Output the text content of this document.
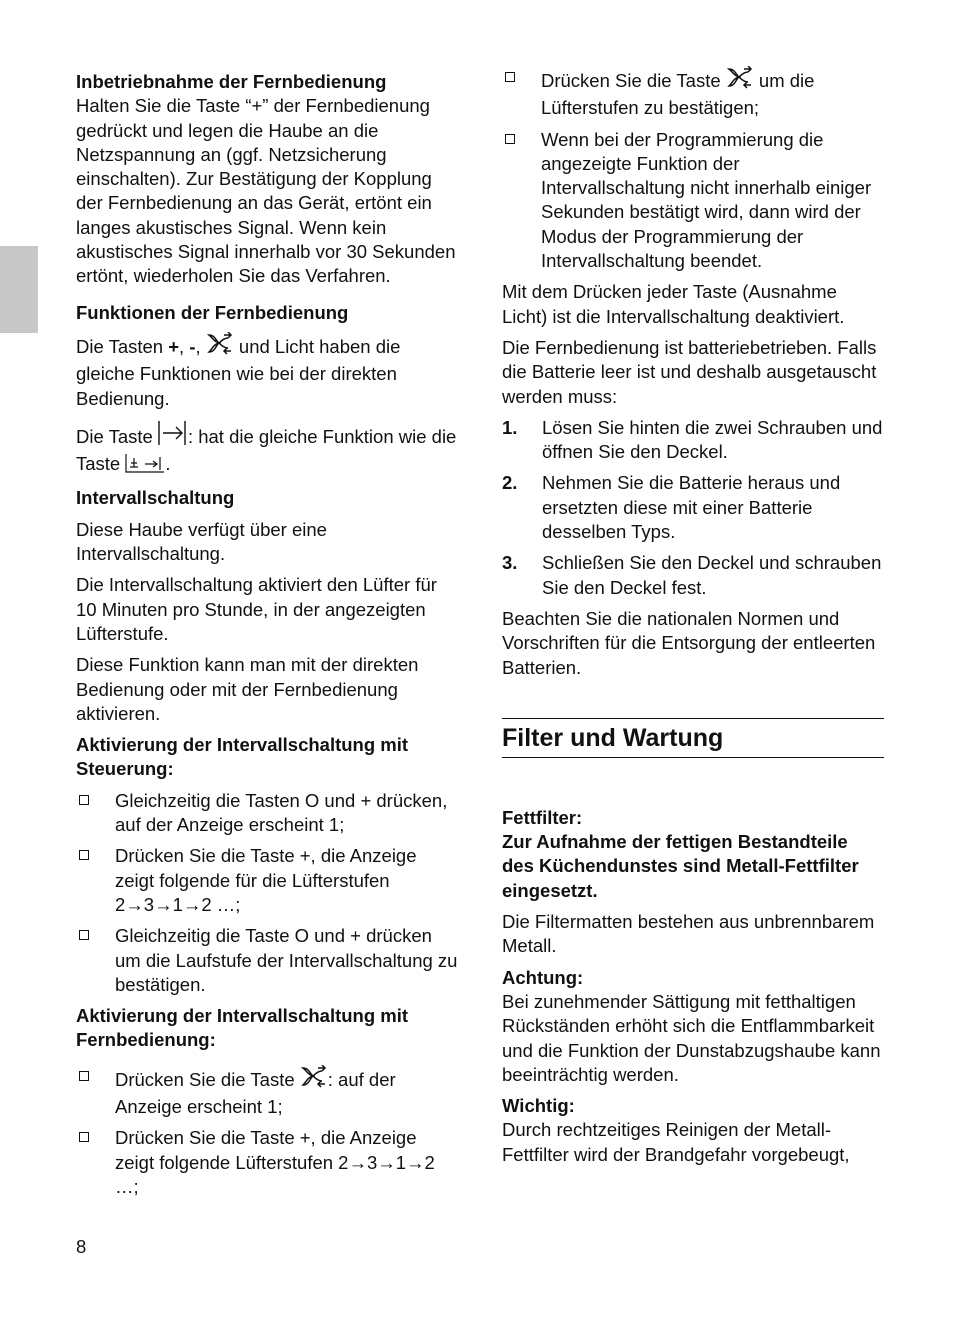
Inbetriebnahme der Fernbedienung

Halten Sie die Taste “+” der Fernbedienung gedrückt und legen die Haube an die Netzspannung an (ggf. Netzsicherung einschalten). Zur Bestätigung der Kopplung der Fernbedienung an das Gerät, ertönt ein langes akustisches Signal. Wenn kein akustisches Signal innerhalb vor 30 Sekunden ertönt, wiederholen Sie das Verfahren.

Funktionen der Fernbedienung

Die Tasten +, -,  und Licht haben die gleiche Funktionen wie bei der direkten Bedienung.

Die Taste : hat die gleiche Funktion wie die Taste .

Intervallschaltung

Diese Haube verfügt über eine Intervallschaltung.

Die Intervallschaltung aktiviert den Lüfter für 10 Minuten pro Stunde, in der angezeigten Lüfterstufe.

Diese Funktion kann man mit der direkten Bedienung oder mit der Fernbedienung aktivieren.

Aktivierung der Intervallschaltung mit Steuerung:

Gleichzeitig die Tasten O und + drücken, auf der Anzeige erscheint 1;
Drücken Sie die Taste +, die Anzeige zeigt folgende für die Lüfterstufen 2→3→1→2 …;
Gleichzeitig die Taste O und + drücken um die Laufstufe der Intervallschaltung zu bestätigen.

Aktivierung der Intervallschaltung mit Fernbedienung:

Drücken Sie die Taste : auf der Anzeige erscheint 1;
Drücken Sie die Taste +, die Anzeige zeigt folgende Lüfterstufen 2→3→1→2 …;
Drücken Sie die Taste  um die Lüfterstufen zu bestätigen;
Wenn bei der Programmierung die angezeigte Funktion der Intervallschaltung nicht innerhalb einiger Sekunden bestätigt wird, dann wird der Modus der Programmierung der Intervallschaltung beendet.

Mit dem Drücken jeder Taste (Ausnahme Licht) ist die Intervallschaltung deaktiviert.

Die Fernbedienung ist batteriebetrieben. Falls die Batterie leer ist und deshalb ausgetauscht werden muss:

1. Lösen Sie hinten die zwei Schrauben und öffnen Sie den Deckel.
2. Nehmen Sie die Batterie heraus und ersetzten diese mit einer Batterie desselben Typs.
3. Schließen Sie den Deckel und schrauben Sie den Deckel fest.

Beachten Sie die nationalen Normen und Vorschriften für die Entsorgung der entleerten Batterien.

Filter und Wartung

Fettfilter:

Zur Aufnahme der fettigen Bestandteile des Küchendunstes sind Metall-Fettfilter eingesetzt.

Die Filtermatten bestehen aus unbrennbarem Metall.

Achtung:

Bei zunehmender Sättigung mit fetthaltigen Rückständen erhöht sich die Entflammbarkeit und die Funktion der Dunstabzugshaube kann beeinträchtig werden.

Wichtig:

Durch rechtzeitiges Reinigen der Metall-Fettfilter wird der Brandgefahr vorgebeugt,

8
